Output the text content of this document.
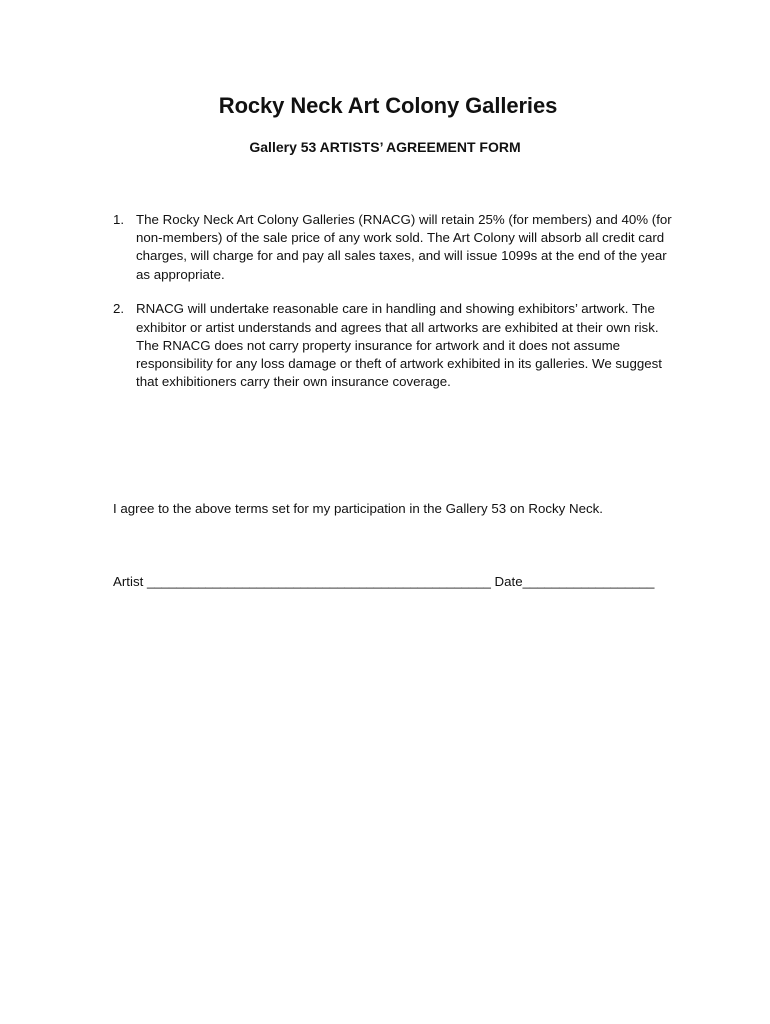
Rocky Neck Art Colony Galleries
Gallery 53 ARTISTS’ AGREEMENT FORM
1. The Rocky Neck Art Colony Galleries (RNACG) will retain 25% (for members) and 40% (for non-members) of the sale price of any work sold. The Art Colony will absorb all credit card charges, will charge for and pay all sales taxes, and will issue 1099s at the end of the year as appropriate.
2. RNACG will undertake reasonable care in handling and showing exhibitors’ artwork. The exhibitor or artist understands and agrees that all artworks are exhibited at their own risk. The RNACG does not carry property insurance for artwork and it does not assume responsibility for any loss damage or theft of artwork exhibited in its galleries. We suggest that exhibitioners carry their own insurance coverage.
I agree to the above terms set for my participation in the Gallery 53 on Rocky Neck.
Artist _______________________________________________ Date__________________
